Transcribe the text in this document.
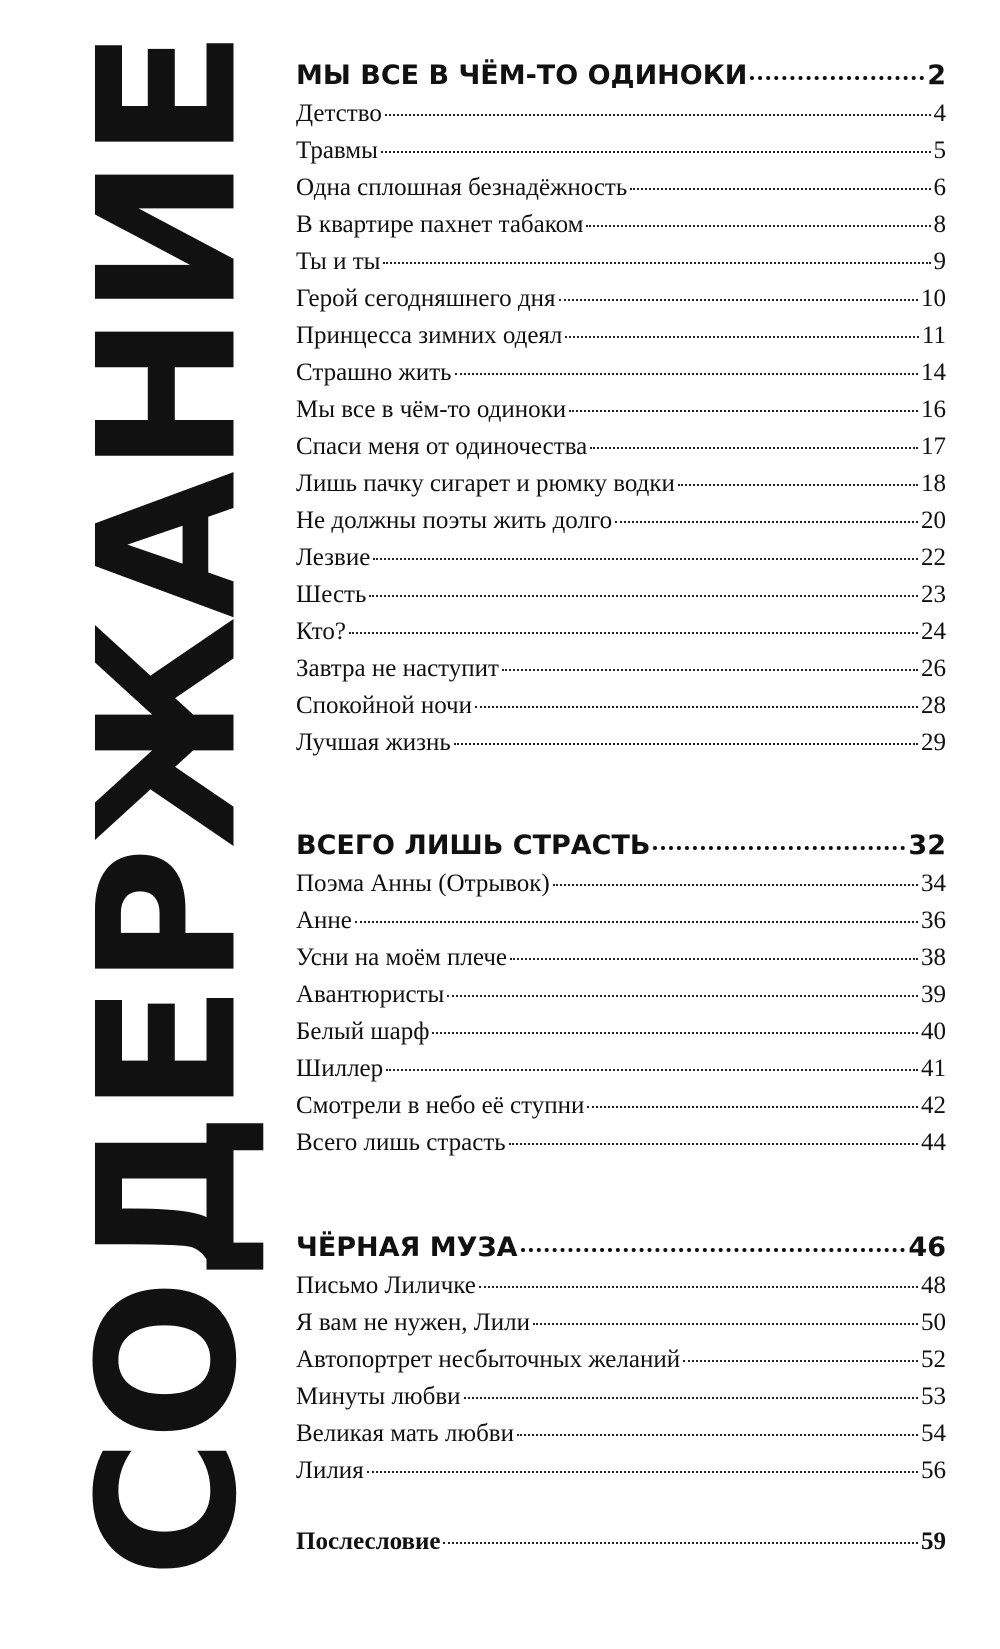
СОДЕРЖАНИЕ МЫ ВСЕ В ЧЁМ-ТО ОДИНОКИ	2
Детство	4
Травмы	5
Одна сплошная безнадёжность	6
В квартире пахнет табаком	8
Ты и ты	9
Герой сегодняшнего дня	10
Принцесса зимних одеял	11
Страшно жить	14
Мы все в чём-то одиноки	16
Спаси меня от одиночества	17
Лишь пачку сигарет и рюмку водки	18
Не должны поэты жить долго	20
Лезвие	22
Шесть	23
Кто?	24
Завтра не наступит	26
Спокойной ночи	28
Лучшая жизнь	29
ВСЕГО ЛИШЬ СТРАСТЬ	32
Поэма Анны (Отрывок)	34
Анне	36
Усни на моём плече	38
Авантюристы	39
Белый шарф	40
Шиллер	41
Смотрели в небо её ступни	42
Всего лишь страсть	44
ЧЁРНАЯ МУЗА	46
Письмо Лиличке	48
Я вам не нужен, Лили	50
Автопортрет несбыточных желаний	52
Минуты любви	53
Великая мать любви	54
Лилия	56
Послесловие	59
